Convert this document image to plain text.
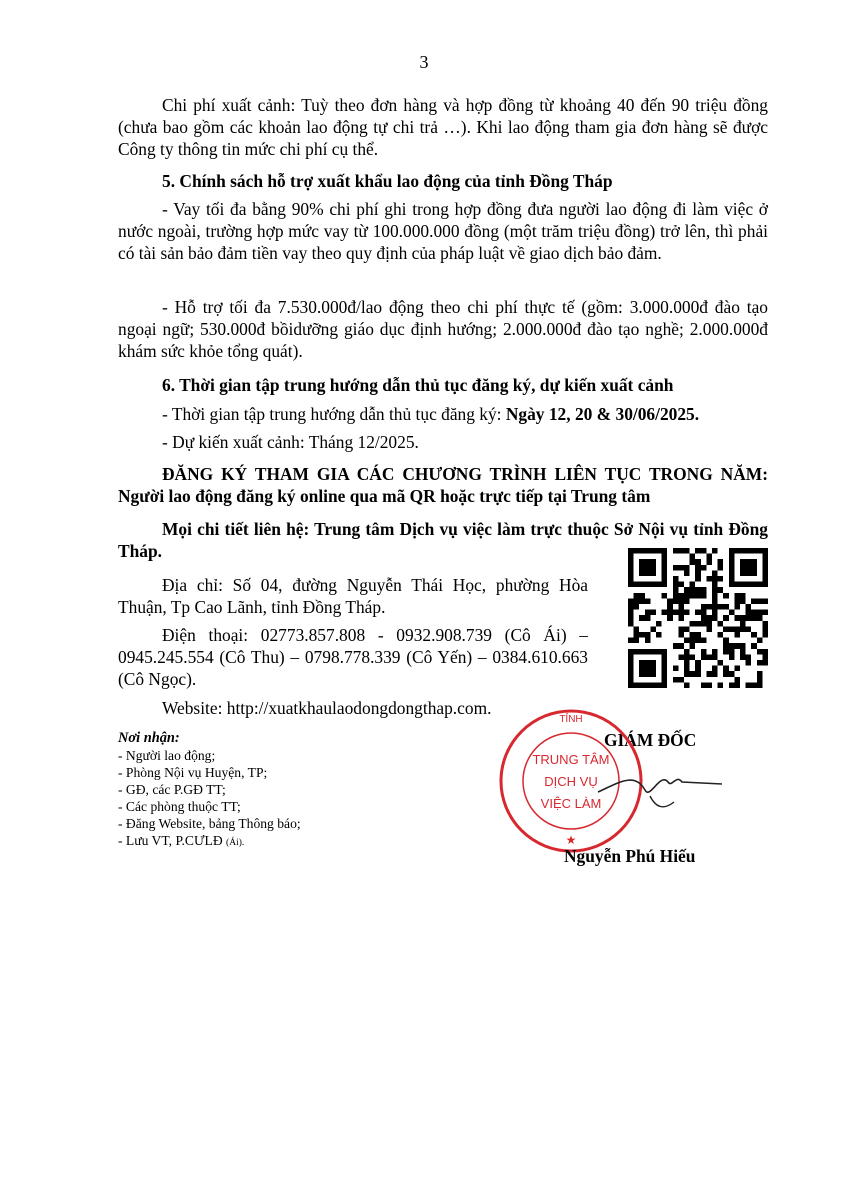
3
Chi phí xuất cảnh: Tuỳ theo đơn hàng và hợp đồng từ khoảng 40 đến 90 triệu đồng (chưa bao gồm các khoản lao động tự chi trả …). Khi lao động tham gia đơn hàng sẽ được Công ty thông tin mức chi phí cụ thể.
5. Chính sách hỗ trợ xuất khẩu lao động của tỉnh Đồng Tháp
- Vay tối đa bằng 90% chi phí ghi trong hợp đồng đưa người lao động đi làm việc ở nước ngoài, trường hợp mức vay từ 100.000.000 đồng (một trăm triệu đồng) trở lên, thì phải có tài sản bảo đảm tiền vay theo quy định của pháp luật về giao dịch bảo đảm.
- Hỗ trợ tối đa 7.530.000đ/lao động theo chi phí thực tế (gồm: 3.000.000đ đào tạo ngoại ngữ; 530.000đ bồidưỡng giáo dục định hướng; 2.000.000đ đào tạo nghề; 2.000.000đ khám sức khỏe tổng quát).
6. Thời gian tập trung hướng dẫn thủ tục đăng ký, dự kiến xuất cảnh
- Thời gian tập trung hướng dẫn thủ tục đăng ký: Ngày 12, 20 & 30/06/2025.
- Dự kiến xuất cảnh: Tháng 12/2025.
ĐĂNG KÝ THAM GIA CÁC CHƯƠNG TRÌNH LIÊN TỤC TRONG NĂM: Người lao động đăng ký online qua mã QR hoặc trực tiếp tại Trung tâm
Mọi chi tiết liên hệ: Trung tâm Dịch vụ việc làm trực thuộc Sở Nội vụ tỉnh Đồng Tháp.
Địa chỉ: Số 04, đường Nguyễn Thái Học, phường Hòa Thuận, Tp Cao Lãnh, tỉnh Đồng Tháp.
Điện thoại: 02773.857.808 - 0932.908.739 (Cô Ái) – 0945.245.554 (Cô Thu) – 0798.778.339 (Cô Yến) – 0384.610.663 (Cô Ngọc).
Website: http://xuatkhaulaodongdongthap.com.
Nơi nhận:
- Người lao động;
- Phòng Nội vụ Huyện, TP;
- GĐ, các P.GĐ TT;
- Các phòng thuộc TT;
- Đăng Website, bảng Thông báo;
- Lưu VT, P.CƯLĐ (Ái).
GIÁM ĐỐC
TRUNG TÂM
DỊCH VỤ
VIỆC LÀM
TỈNH
★
Nguyễn Phú Hiếu
